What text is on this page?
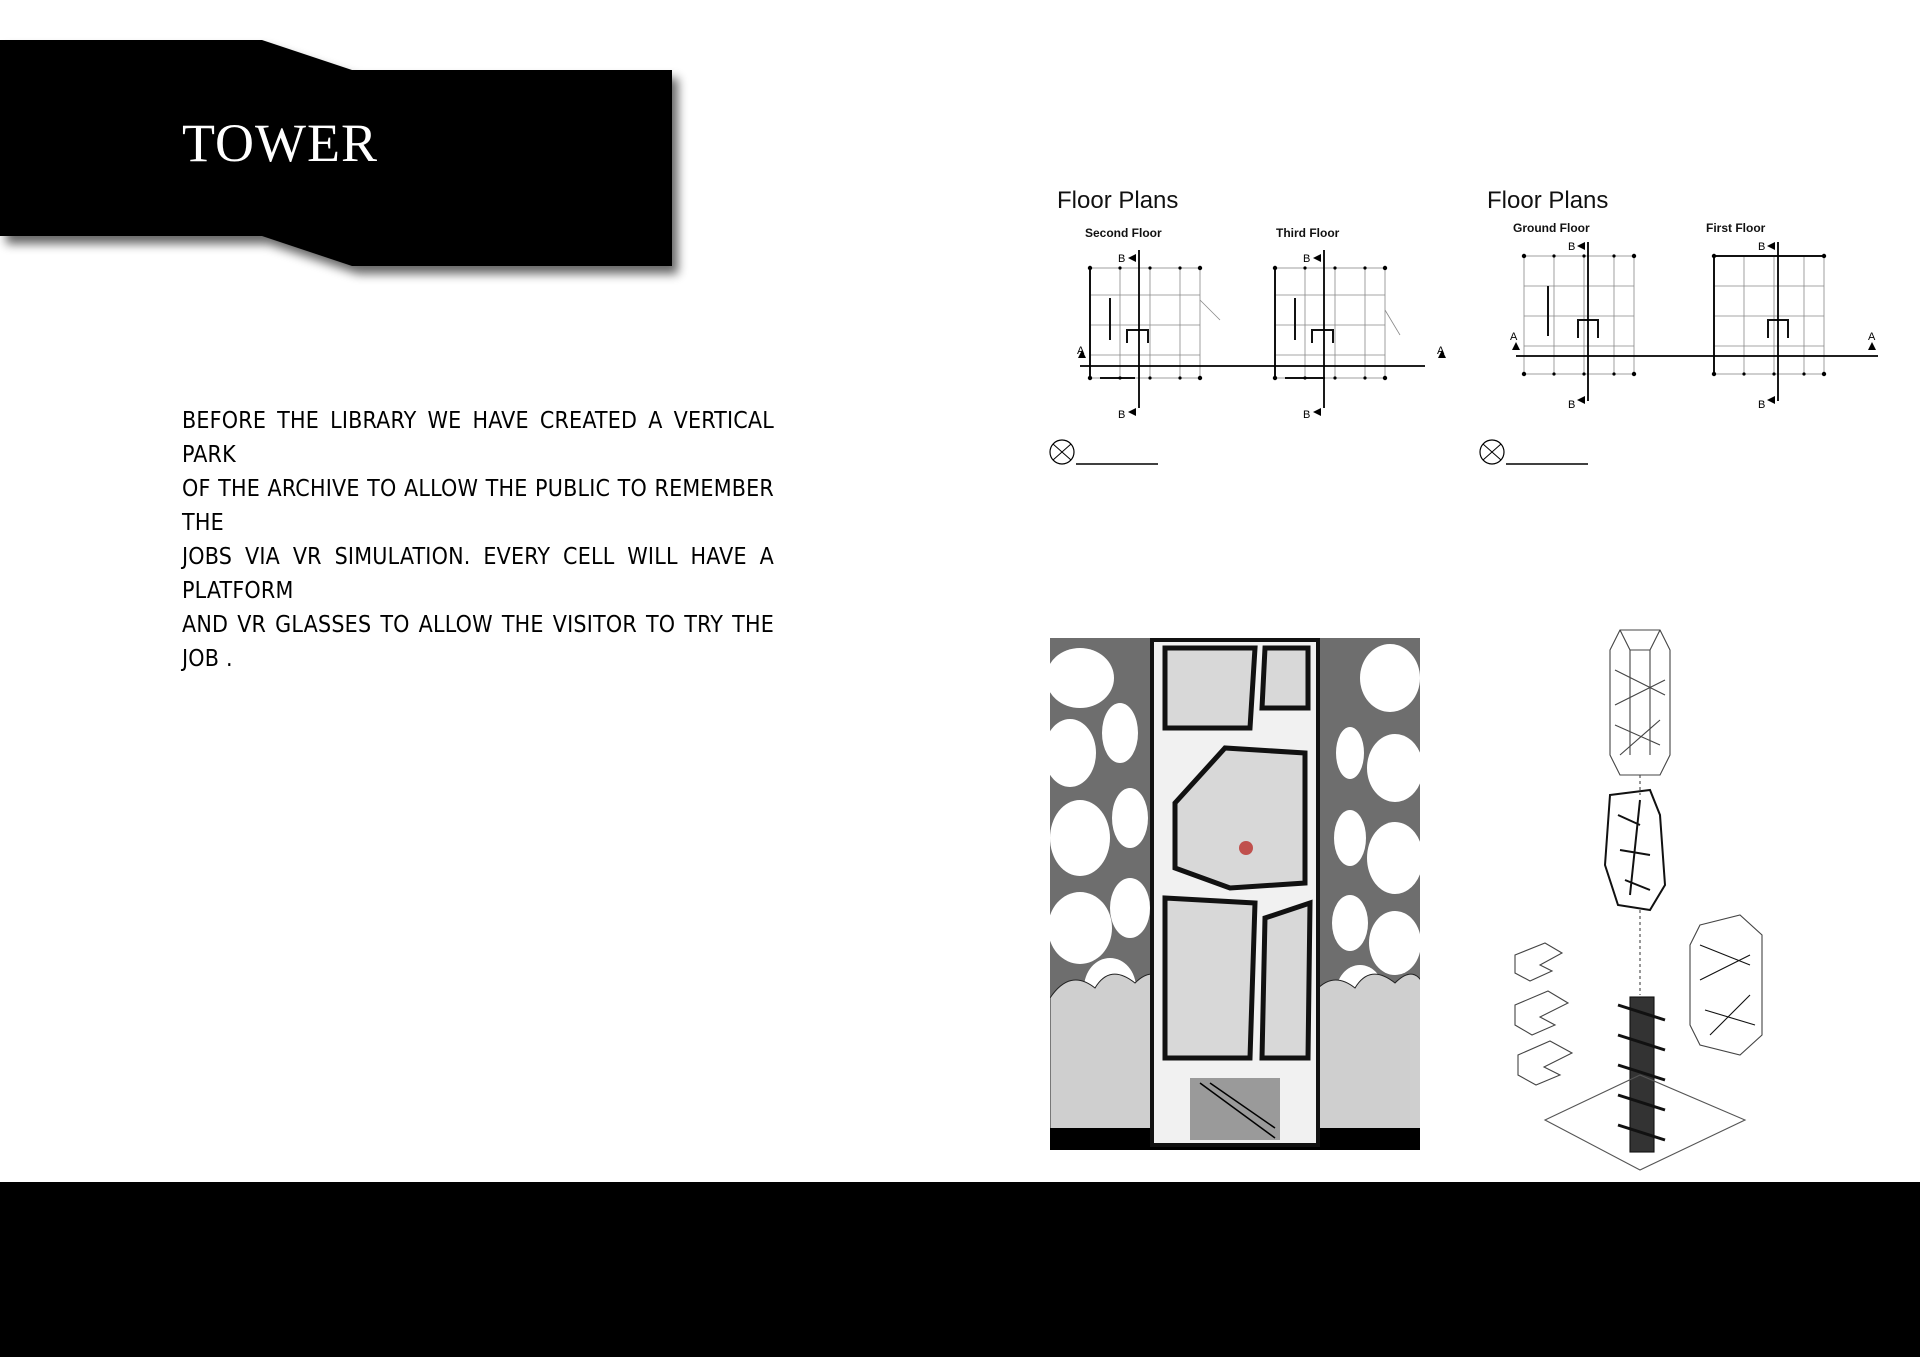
TOWER
BEFORE THE LIBRARY WE HAVE CREATED A VERTICAL PARK
OF THE ARCHIVE TO ALLOW THE PUBLIC TO REMEMBER THE
JOBS VIA VR SIMULATION. EVERY CELL WILL HAVE A PLATFORM
AND VR GLASSES TO ALLOW THE VISITOR TO TRY THE JOB .
Floor Plans
Second Floor	Third Floor
Floor Plans
Ground Floor	First Floor
A	A
B
B
B
B
A	A
B
B
B
B
